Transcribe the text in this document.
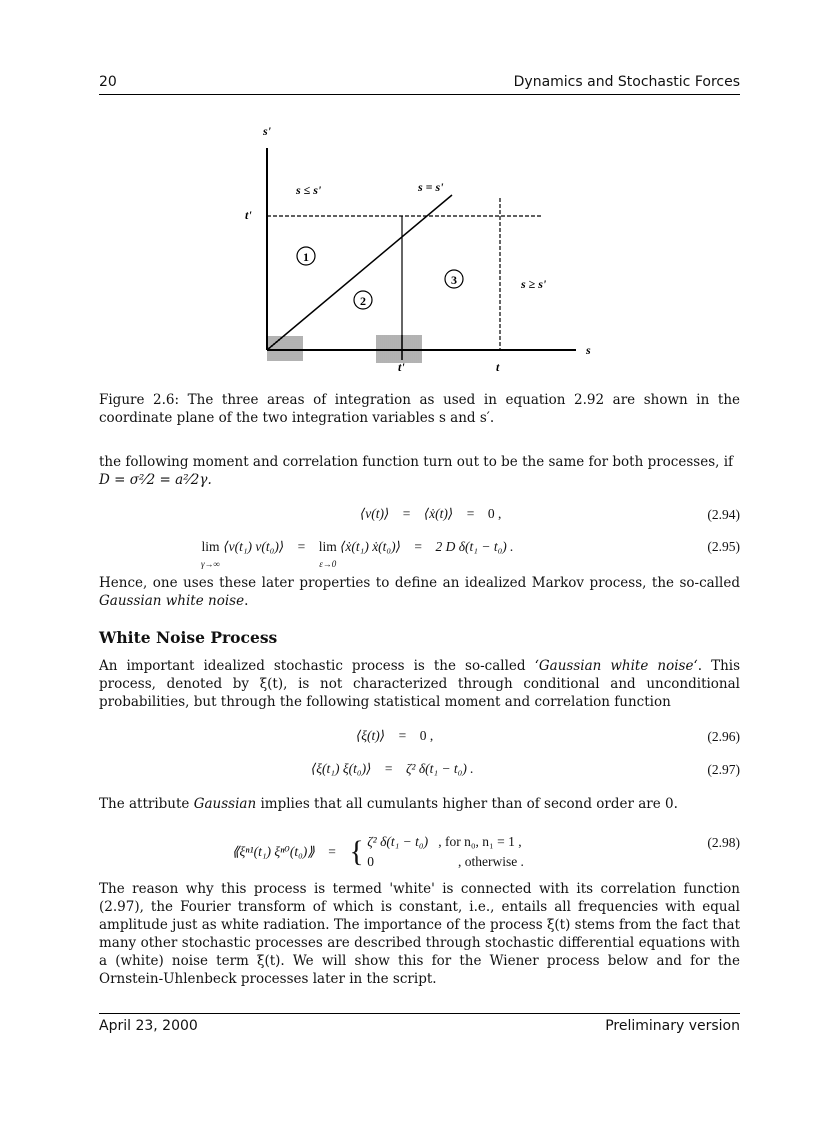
20	Dynamics and Stochastic Forces
1
2
3
s'
s
t'
t'	t
s ≤ s'	s = s'
s ≥ s'
Figure 2.6: The three areas of integration as used in equation 2.92 are shown in the coordinate plane of the two integration variables s and s′.
the following moment and correlation function turn out to be the same for both processes, if
D = σ²⁄2 = a²⁄2γ.
⟨v(t)⟩    =    ⟨ẋ(t)⟩    =    0 ,	(2.94)
lim
γ→∞ ⟨v(t₁) v(t₀)⟩    =    lim
ε→0 ⟨ẋ(t₁) ẋ(t₀)⟩    =    2 D δ(t₁ − t₀) .	(2.95)
Hence, one uses these later properties to define an idealized Markov process, the so-called Gaussian white noise.
White Noise Process
An important idealized stochastic process is the so-called ‘Gaussian white noise‘. This process, denoted by ξ(t), is not characterized through conditional and unconditional probabilities, but through the following statistical moment and correlation function
⟨ξ(t)⟩    =    0 ,	(2.96)
⟨ξ(t₁) ξ(t₀)⟩    =    ζ² δ(t₁ − t₀) .	(2.97)
The attribute Gaussian implies that all cumulants higher than of second order are 0.
⟪ξⁿ¹(t₁) ξⁿ⁰(t₀)⟫    =    { ζ² δ(t₁ − t₀) , for n₀, n₁ = 1 ,
0	, otherwise .
(2.98)
The reason why this process is termed 'white' is connected with its correlation function (2.97), the Fourier transform of which is constant, i.e., entails all frequencies with equal amplitude just as white radiation. The importance of the process ξ(t) stems from the fact that many other stochastic processes are described through stochastic differential equations with a (white) noise term ξ(t). We will show this for the Wiener process below and for the Ornstein-Uhlenbeck processes later in the script.
April 23, 2000	Preliminary version
